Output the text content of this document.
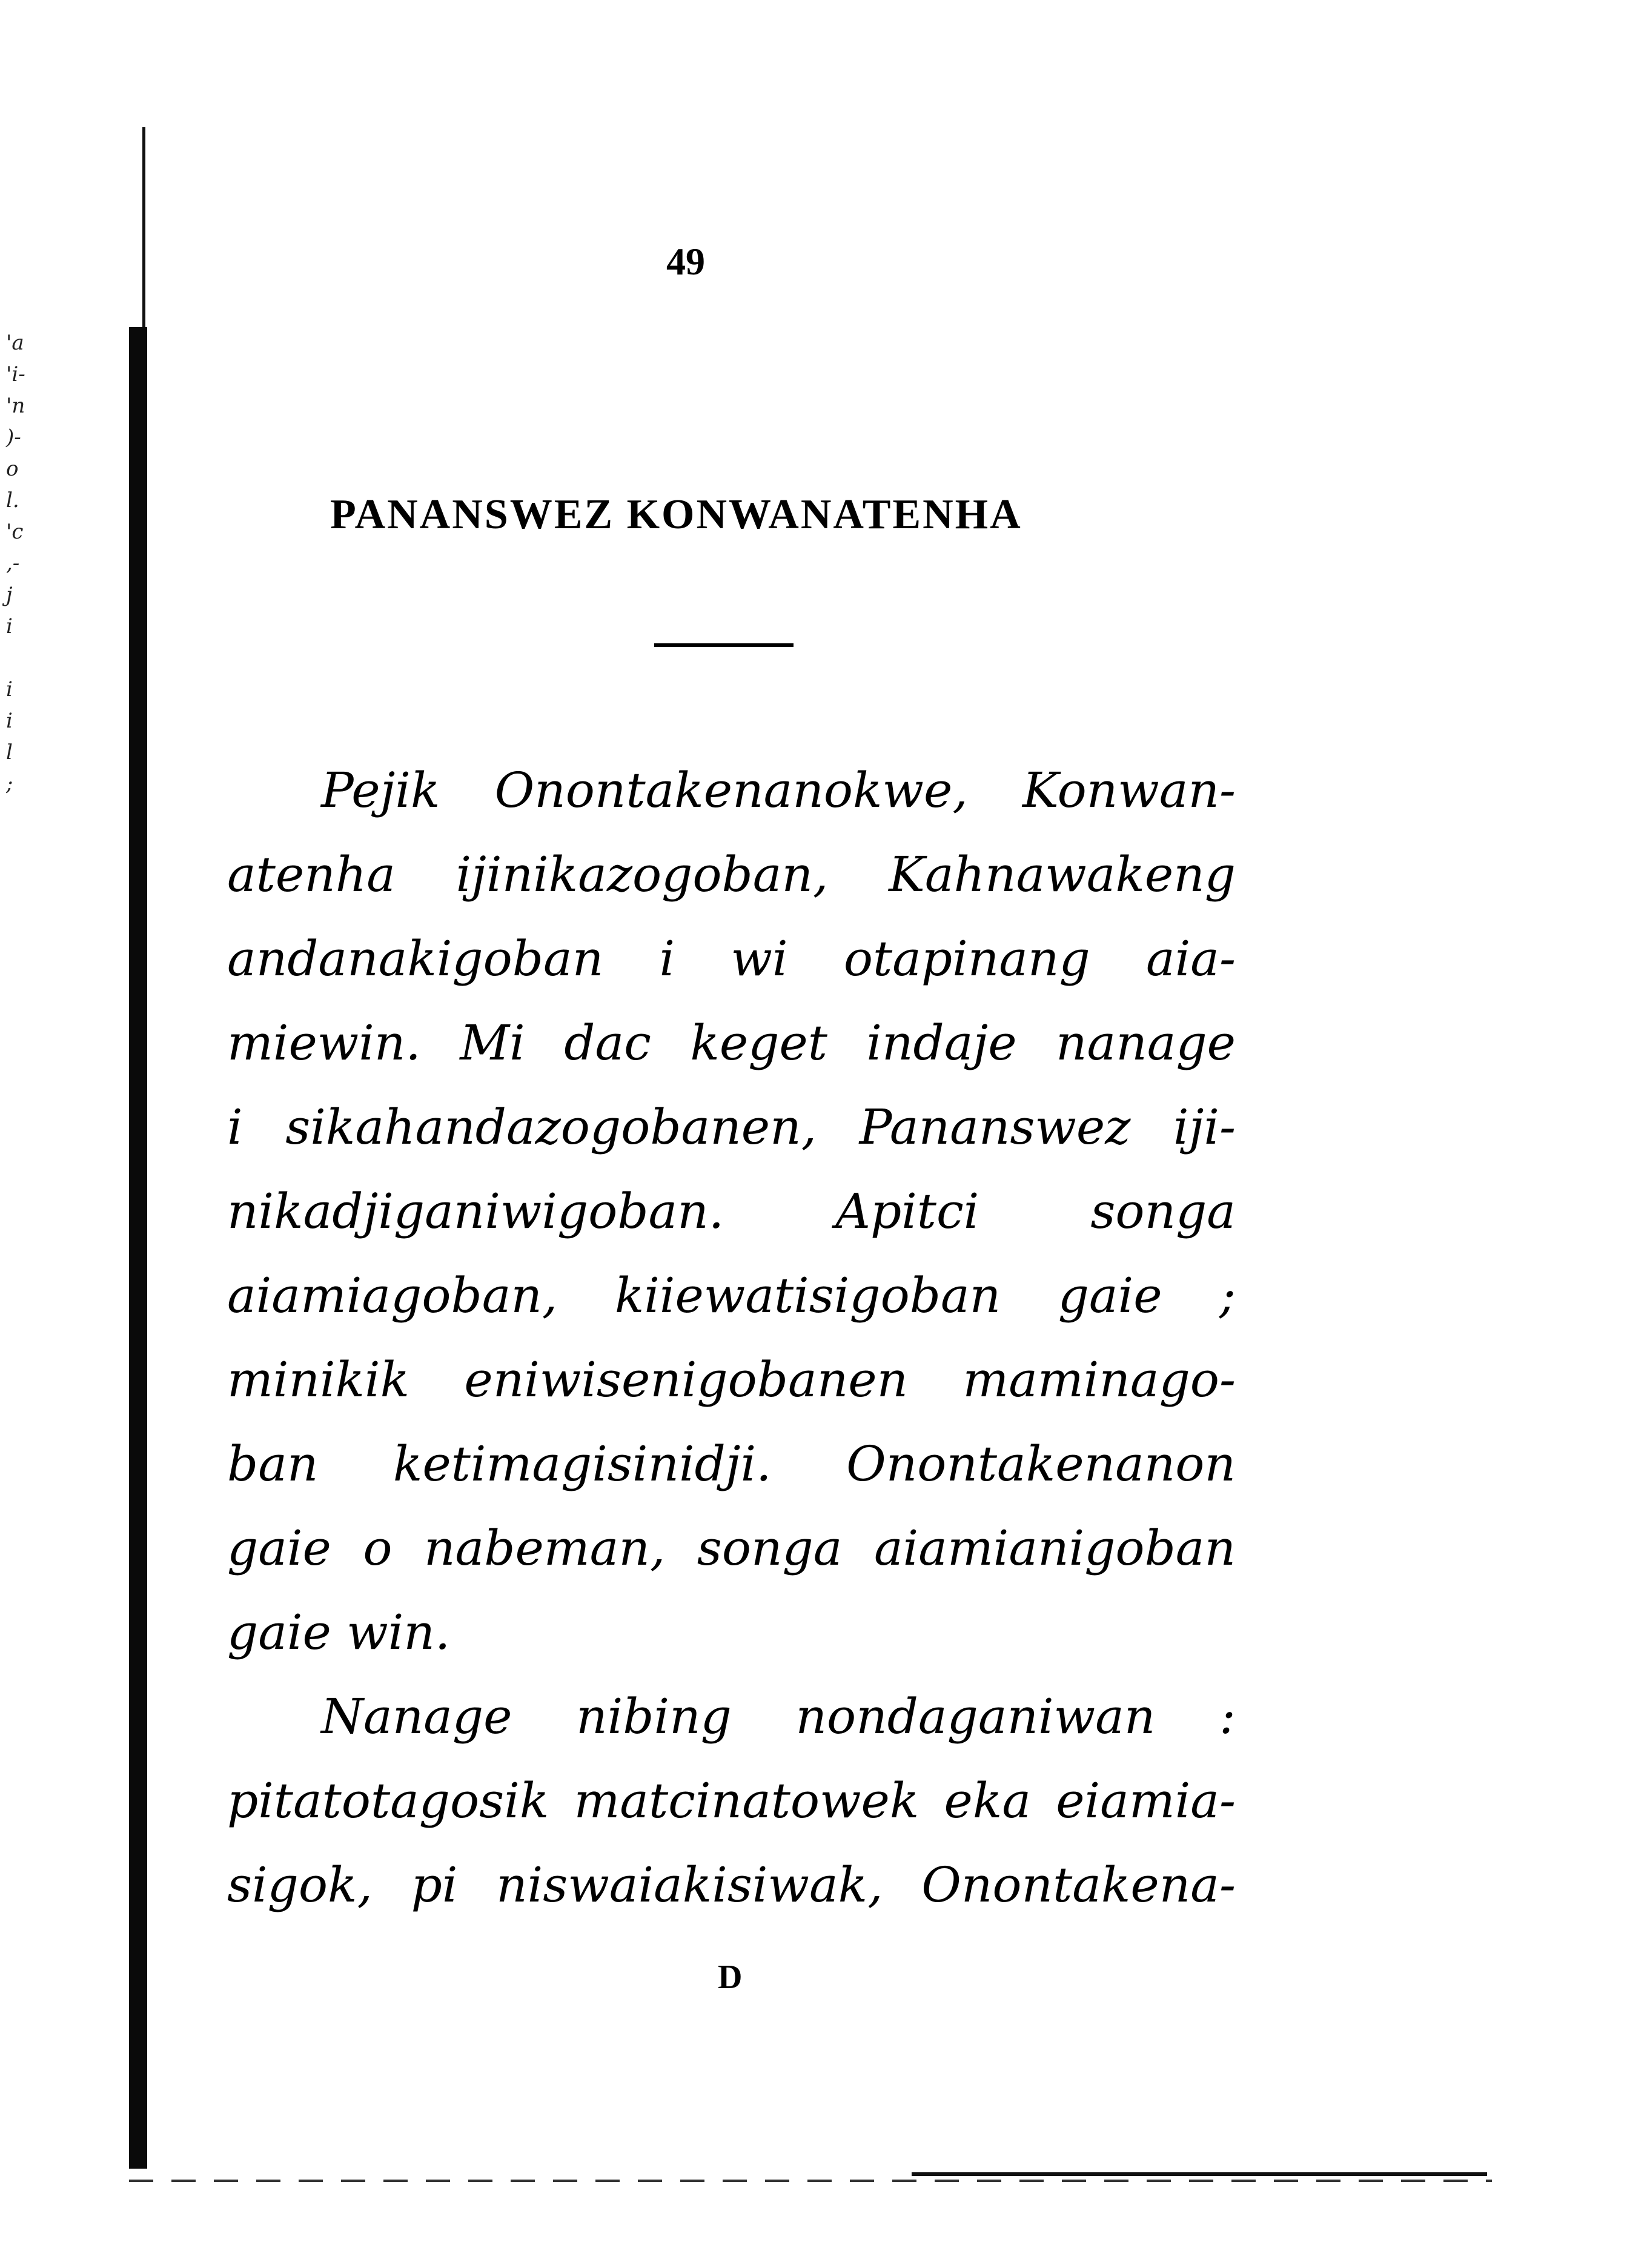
'a
'i-
'n
)-
o
l.
'c
,-
j
i

i
i
l
;
49
PANANSWEZ KONWANATENHA
Pejik Onontakenanokwe, Konwan-
atenha ijinikazogoban, Kahnawakeng
andanakigoban i wi otapinang aia-
miewin. Mi dac keget indaje nanage
i sikahandazogobanen, Pananswez iji-
nikadjiganiwigoban. Apitci songa
aiamiagoban, kiiewatisigoban gaie ;
minikik eniwisenigobanen maminago-
ban ketimagisinidji. Onontakenanon
gaie o nabeman, songa aiamianigoban
gaie win.
Nanage nibing nondaganiwan :
pitatotagosik matcinatowek eka eiamia-
sigok, pi niswaiakisiwak, Onontakena-
D
